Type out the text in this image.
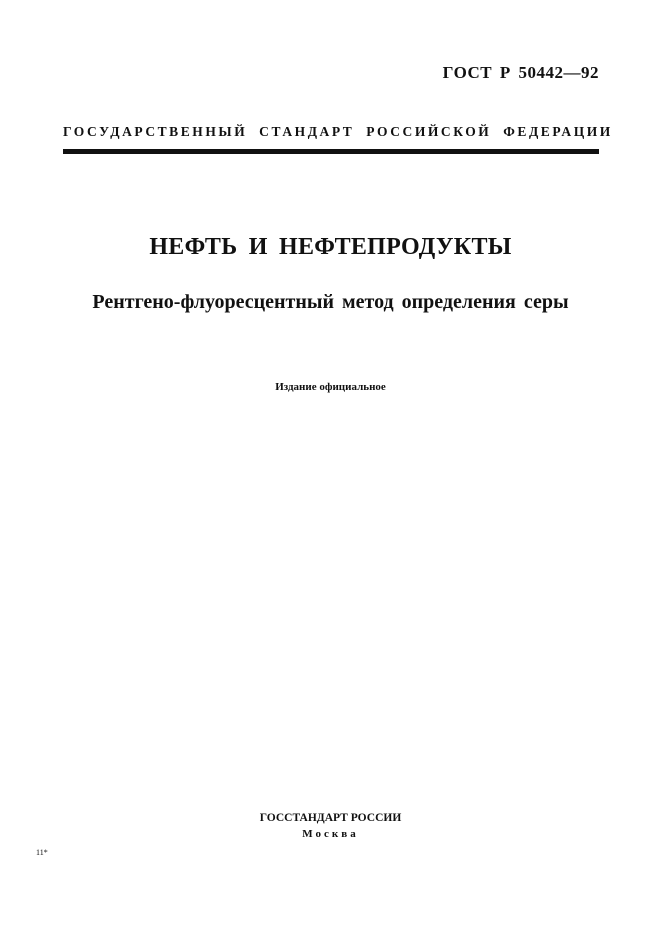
ГОСТ Р 50442—92
ГОСУДАРСТВЕННЫЙ СТАНДАРТ РОССИЙСКОЙ ФЕДЕРАЦИИ
НЕФТЬ И НЕФТЕПРОДУКТЫ
Рентгено-флуоресцентный метод определения серы
Издание официальное
ГОССТАНДАРТ РОССИИ
Москва
11*
